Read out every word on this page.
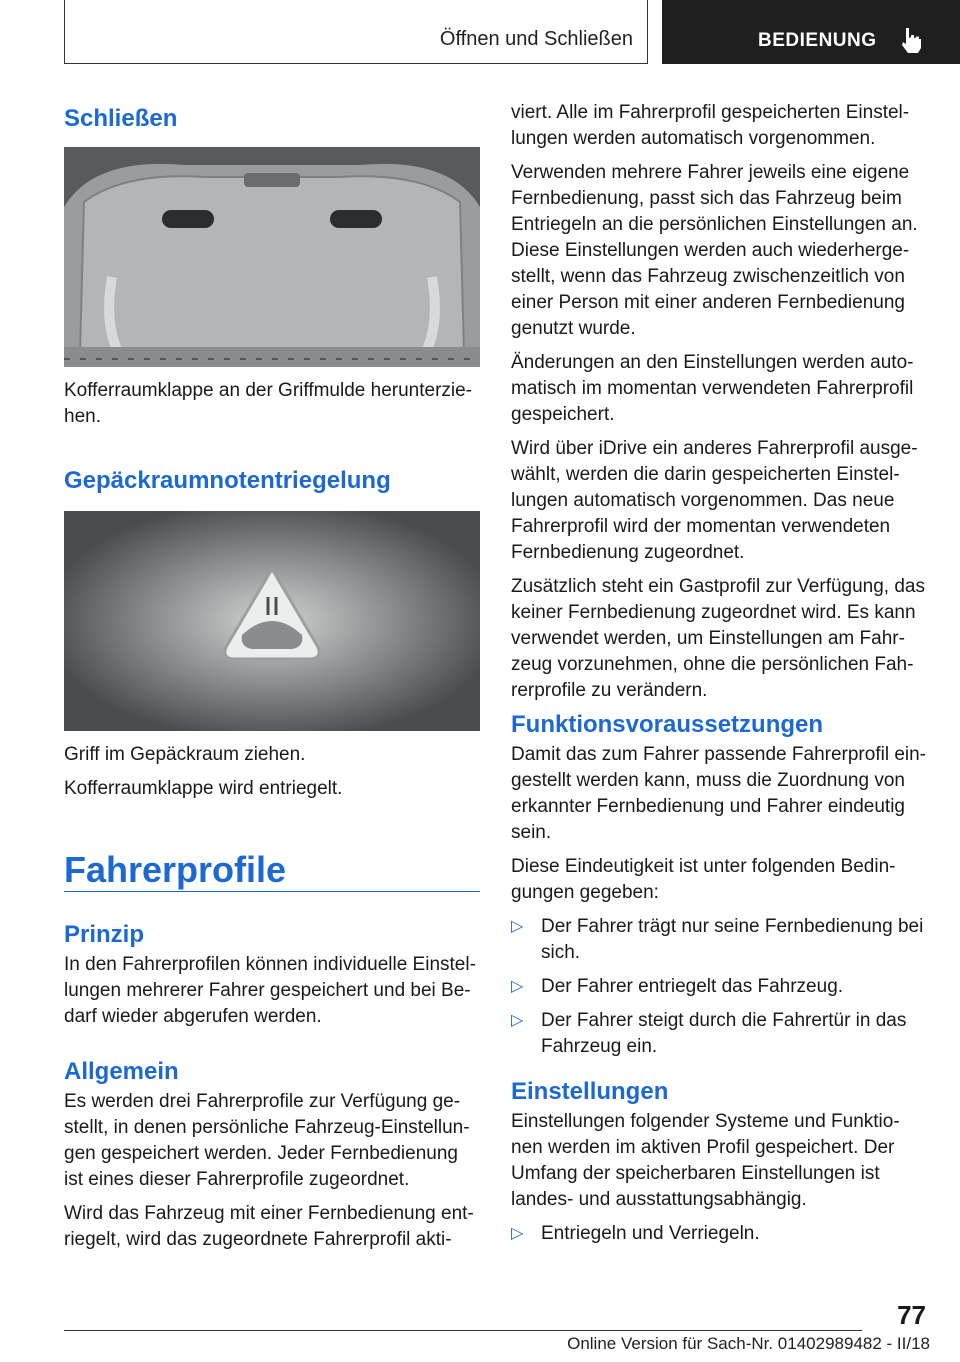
Öffnen und Schließen	BEDIENUNG

Schließen

Kofferraumklappe an der Griffmulde herunterzie-hen.

Gepäckraumnotentriegelung

Griff im Gepäckraum ziehen.

Kofferraumklappe wird entriegelt.

Fahrerprofile

Prinzip

In den Fahrerprofilen können individuelle Einstel-lungen mehrerer Fahrer gespeichert und bei Be-darf wieder abgerufen werden.

Allgemein

Es werden drei Fahrerprofile zur Verfügung ge-stellt, in denen persönliche Fahrzeug-Einstellun-gen gespeichert werden. Jeder Fernbedienung ist eines dieser Fahrerprofile zugeordnet.

Wird das Fahrzeug mit einer Fernbedienung ent-riegelt, wird das zugeordnete Fahrerprofil akti-

viert. Alle im Fahrerprofil gespeicherten Einstel-lungen werden automatisch vorgenommen.

Verwenden mehrere Fahrer jeweils eine eigene Fernbedienung, passt sich das Fahrzeug beim Entriegeln an die persönlichen Einstellungen an. Diese Einstellungen werden auch wiederherge-stellt, wenn das Fahrzeug zwischenzeitlich von einer Person mit einer anderen Fernbedienung genutzt wurde.

Änderungen an den Einstellungen werden auto-matisch im momentan verwendeten Fahrerprofil gespeichert.

Wird über iDrive ein anderes Fahrerprofil ausge-wählt, werden die darin gespeicherten Einstel-lungen automatisch vorgenommen. Das neue Fahrerprofil wird der momentan verwendeten Fernbedienung zugeordnet.

Zusätzlich steht ein Gastprofil zur Verfügung, das keiner Fernbedienung zugeordnet wird. Es kann verwendet werden, um Einstellungen am Fahr-zeug vorzunehmen, ohne die persönlichen Fah-rerprofile zu verändern.

Funktionsvoraussetzungen

Damit das zum Fahrer passende Fahrerprofil ein-gestellt werden kann, muss die Zuordnung von erkannter Fernbedienung und Fahrer eindeutig sein.

Diese Eindeutigkeit ist unter folgenden Bedin-gungen gegeben:

▷ Der Fahrer trägt nur seine Fernbedienung bei sich.

▷ Der Fahrer entriegelt das Fahrzeug.

▷ Der Fahrer steigt durch die Fahrertür in das Fahrzeug ein.

Einstellungen

Einstellungen folgender Systeme und Funktio-nen werden im aktiven Profil gespeichert. Der Umfang der speicherbaren Einstellungen ist landes- und ausstattungsabhängig.

▷ Entriegeln und Verriegeln.

77
Online Version für Sach-Nr. 01402989482 - II/18
